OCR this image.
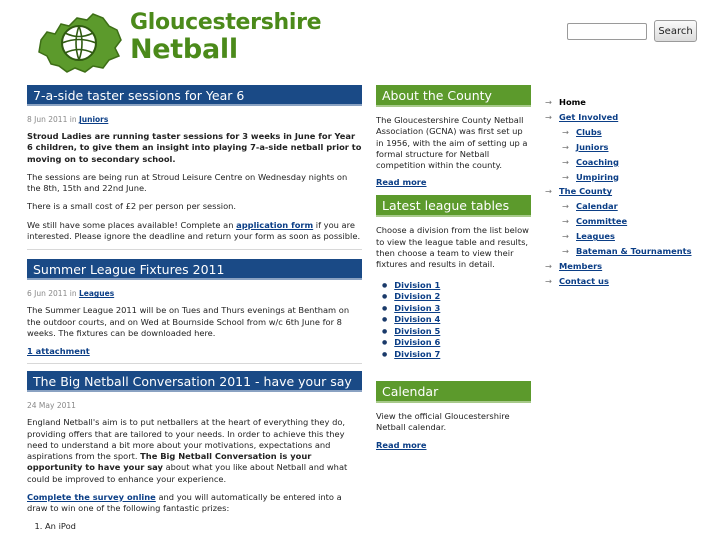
Gloucestershire
Netball
Search
7-a-side taster sessions for Year 6
8 Jun 2011 in Juniors

Stroud Ladies are running taster sessions for 3 weeks in June for Year 6 children, to give them an insight into playing 7-a-side netball prior to moving on to secondary school.

The sessions are being run at Stroud Leisure Centre on Wednesday nights on the 8th, 15th and 22nd June.

There is a small cost of £2 per person per session.

We still have some places available! Complete an application form if you are interested. Please ignore the deadline and return your form as soon as possible.

Summer League Fixtures 2011
6 Jun 2011 in Leagues

The Summer League 2011 will be on Tues and Thurs evenings at Bentham on the outdoor courts, and on Wed at Bournside School from w/c 6th June for 8 weeks. The fixtures can be downloaded here.

1 attachment
The Big Netball Conversation 2011 - have your say
24 May 2011

England Netball's aim is to put netballers at the heart of everything they do, providing offers that are tailored to your needs. In order to achieve this they need to understand a bit more about your motivations, expectations and aspirations from the sport. The Big Netball Conversation is your opportunity to have your say about what you like about Netball and what could be improved to enhance your experience.

Complete the survey online and you will automatically be entered into a draw to win one of the following fantastic prizes:

1. An iPod
About the County

The Gloucestershire County Netball Association (GCNA) was first set up in 1956, with the aim of setting up a formal structure for Netball competition within the county.

Read more
Latest league tables

Choose a division from the list below to view the league table and results, then choose a team to view their fixtures and results in detail.

● Division 1
● Division 2
● Division 3
● Division 4
● Division 5
● Division 6
● Division 7
Calendar

View the official Gloucestershire Netball calendar.

Read more
→ Home
→ Get Involved
→ Clubs
→ Juniors
→ Coaching
→ Umpiring
→ The County
→ Calendar
→ Committee
→ Leagues
→ Bateman & Tournaments
→ Members
→ Contact us
